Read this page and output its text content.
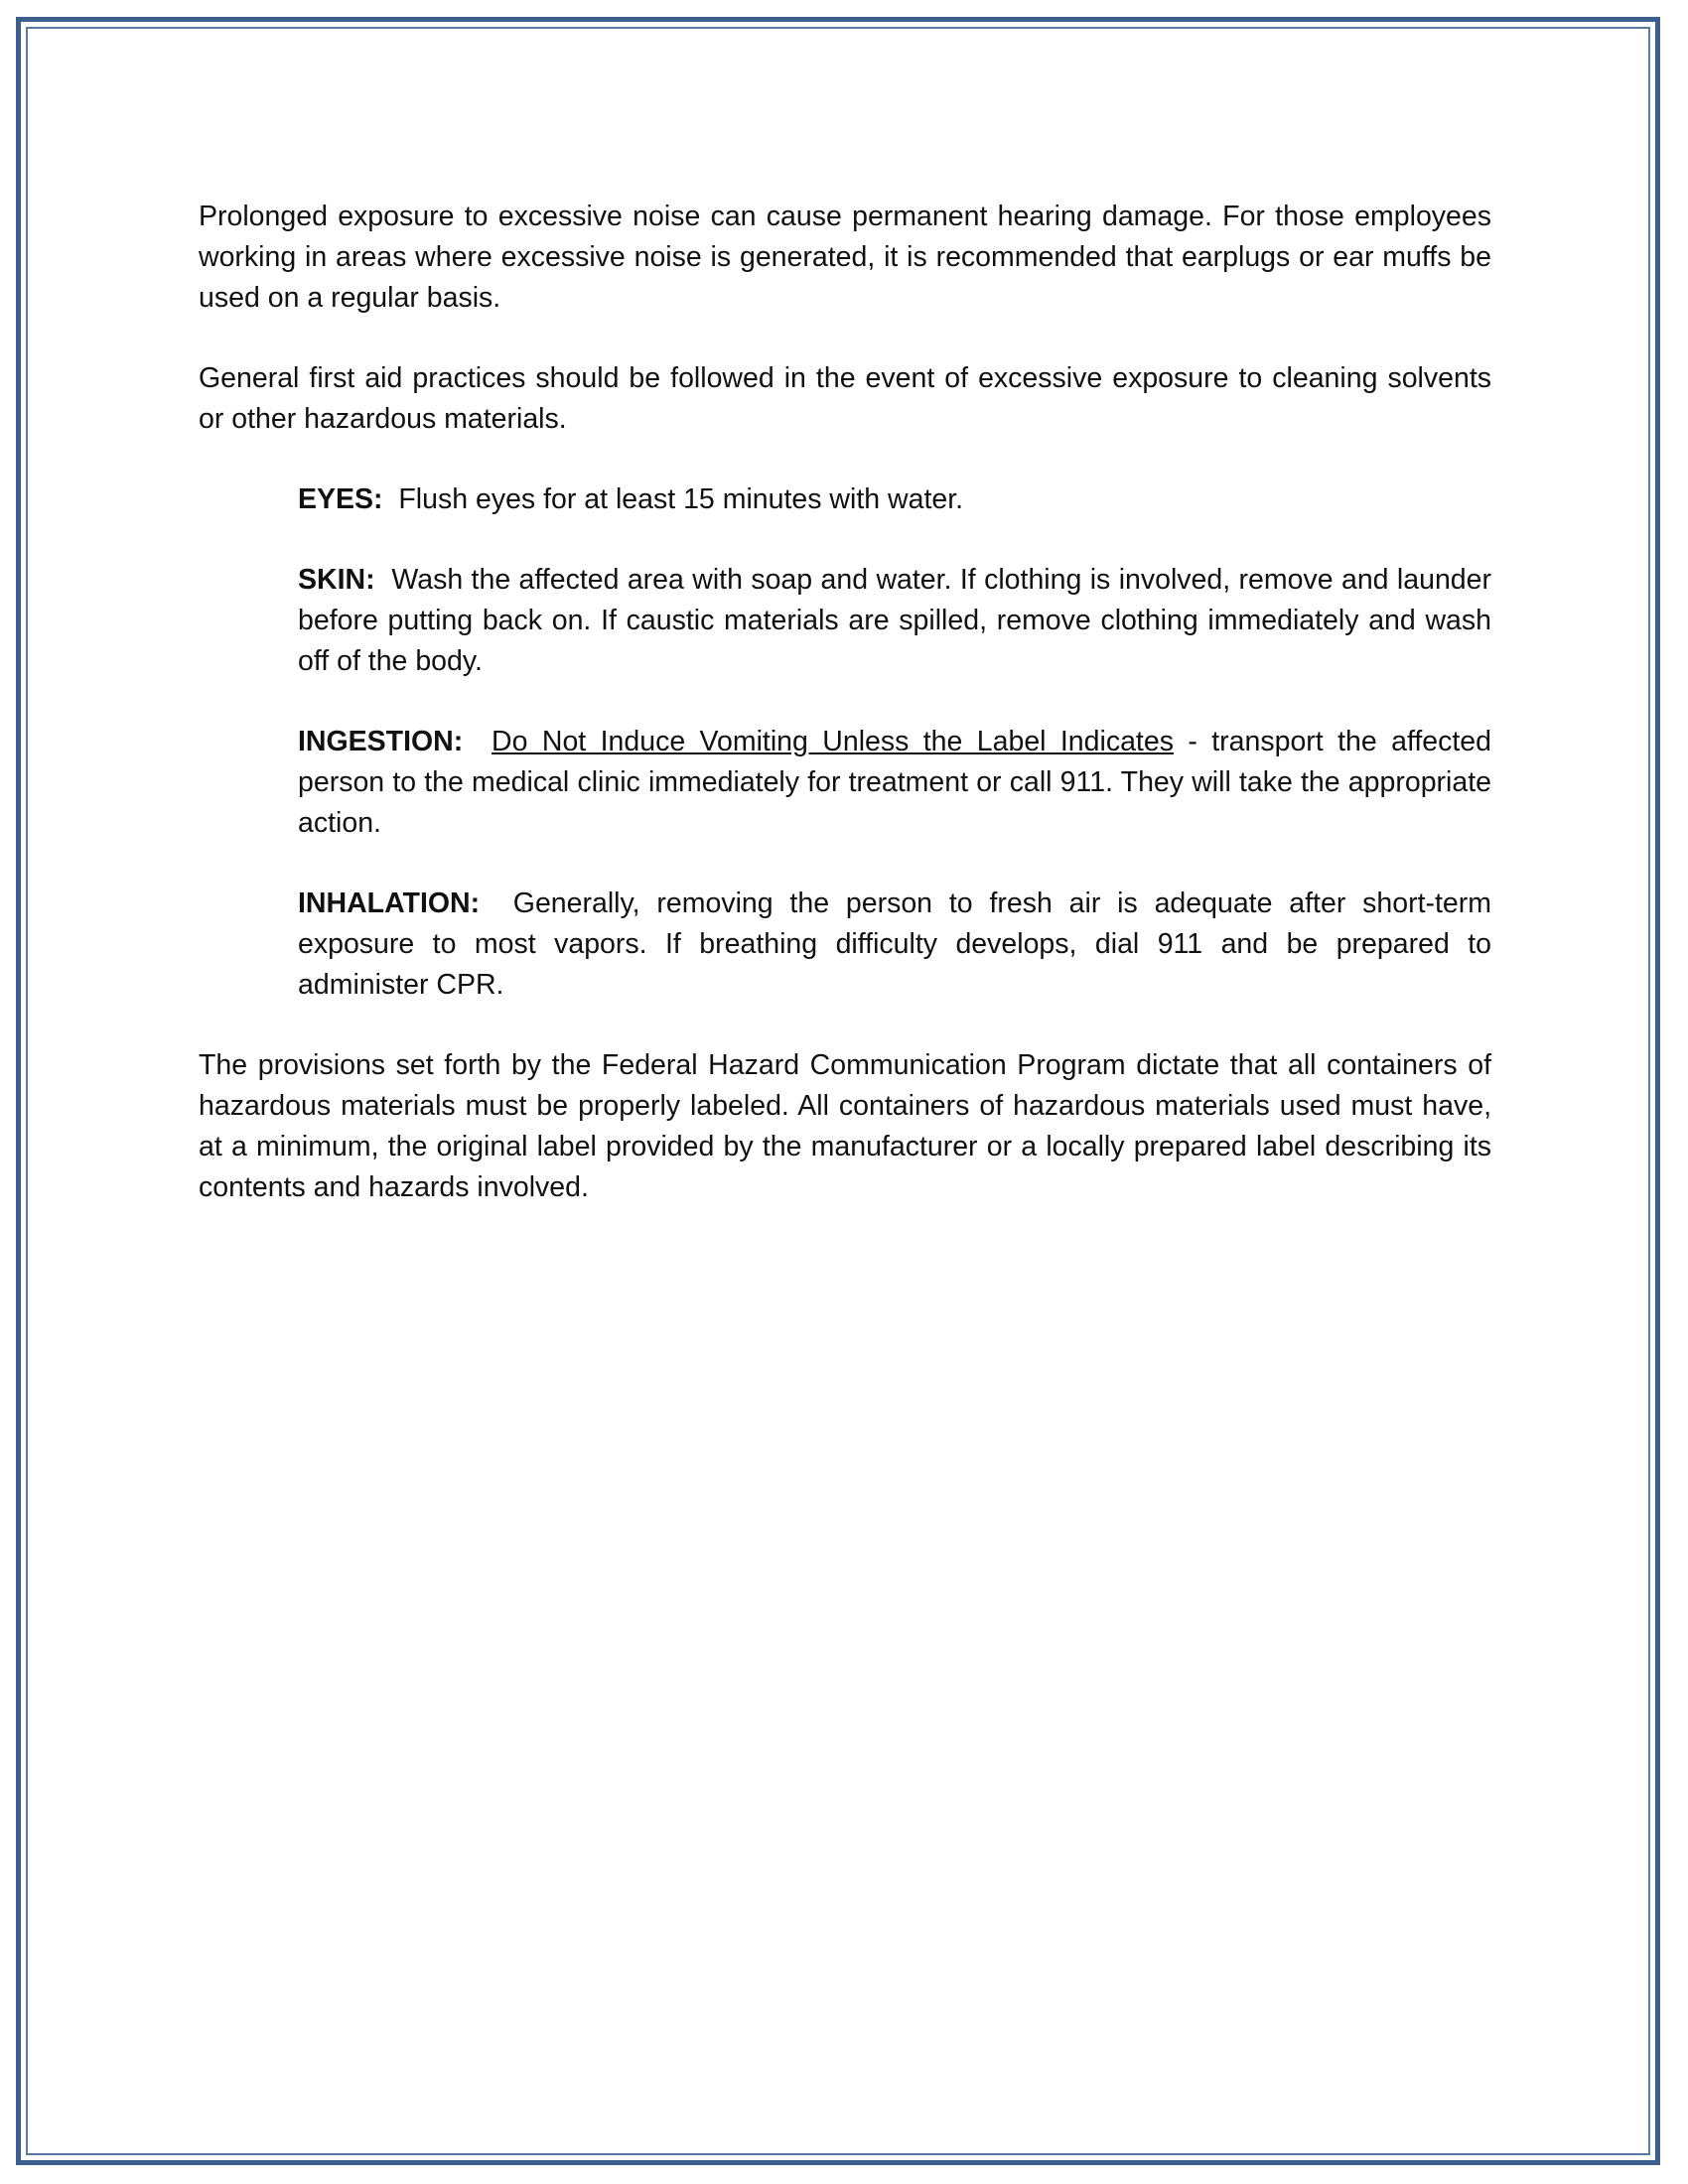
Prolonged exposure to excessive noise can cause permanent hearing damage. For those employees working in areas where excessive noise is generated, it is recommended that earplugs or ear muffs be used on a regular basis.

General first aid practices should be followed in the event of excessive exposure to cleaning solvents or other hazardous materials.

EYES: Flush eyes for at least 15 minutes with water.

SKIN: Wash the affected area with soap and water. If clothing is involved, remove and launder before putting back on. If caustic materials are spilled, remove clothing immediately and wash off of the body.

INGESTION: Do Not Induce Vomiting Unless the Label Indicates - transport the affected person to the medical clinic immediately for treatment or call 911. They will take the appropriate action.

INHALATION: Generally, removing the person to fresh air is adequate after short-term exposure to most vapors. If breathing difficulty develops, dial 911 and be prepared to administer CPR.

The provisions set forth by the Federal Hazard Communication Program dictate that all containers of hazardous materials must be properly labeled. All containers of hazardous materials used must have, at a minimum, the original label provided by the manufacturer or a locally prepared label describing its contents and hazards involved.
